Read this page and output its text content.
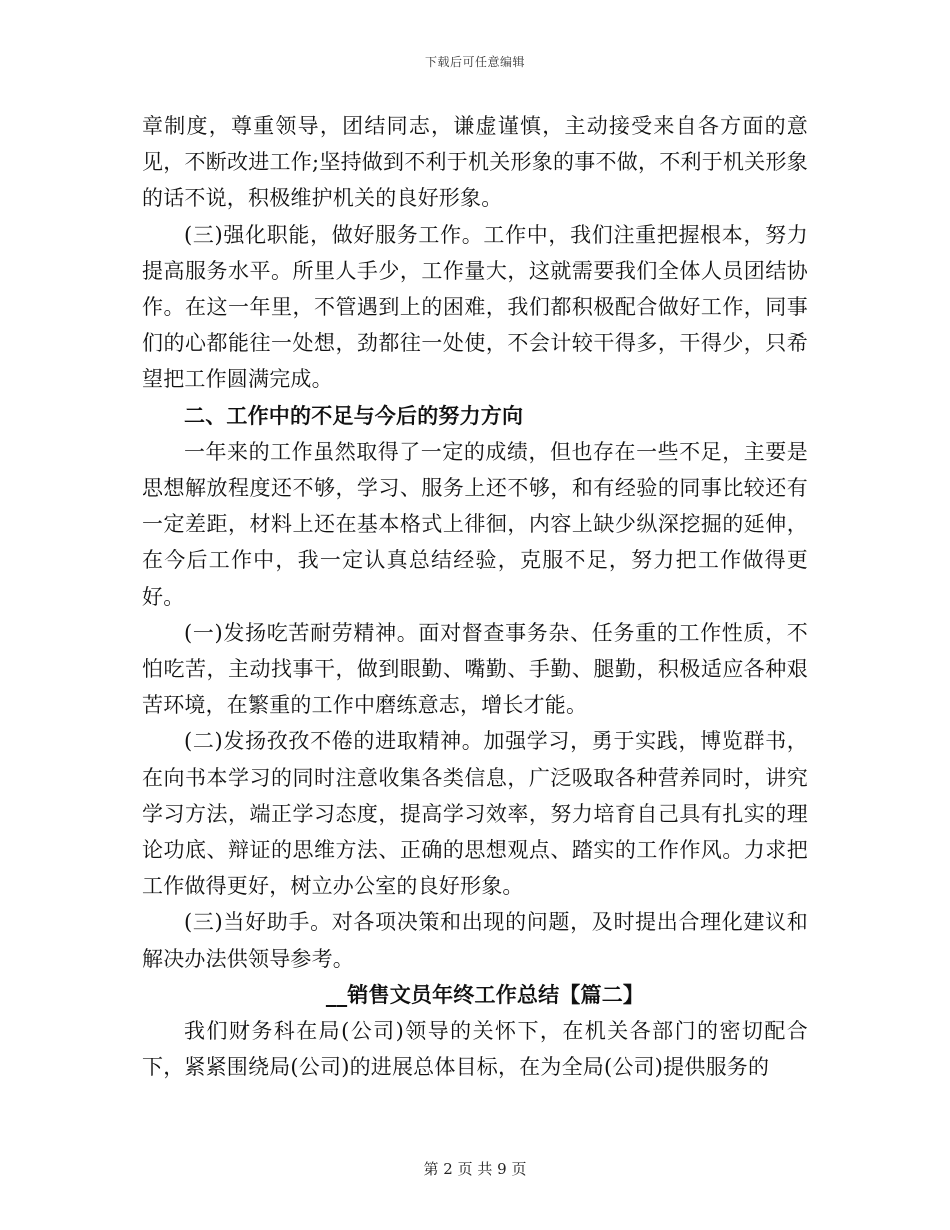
下载后可任意编辑

章制度，尊重领导，团结同志，谦虚谨慎，主动接受来自各方面的意见，不断改进工作;坚持做到不利于机关形象的事不做，不利于机关形象的话不说，积极维护机关的良好形象。

(三)强化职能，做好服务工作。工作中，我们注重把握根本，努力提高服务水平。所里人手少，工作量大，这就需要我们全体人员团结协作。在这一年里，不管遇到上的困难，我们都积极配合做好工作，同事们的心都能往一处想，劲都往一处使，不会计较干得多，干得少，只希望把工作圆满完成。

二、工作中的不足与今后的努力方向

一年来的工作虽然取得了一定的成绩，但也存在一些不足，主要是思想解放程度还不够，学习、服务上还不够，和有经验的同事比较还有一定差距，材料上还在基本格式上徘徊，内容上缺少纵深挖掘的延伸，在今后工作中，我一定认真总结经验，克服不足，努力把工作做得更好。

(一)发扬吃苦耐劳精神。面对督查事务杂、任务重的工作性质，不怕吃苦，主动找事干，做到眼勤、嘴勤、手勤、腿勤，积极适应各种艰苦环境，在繁重的工作中磨练意志，增长才能。

(二)发扬孜孜不倦的进取精神。加强学习，勇于实践，博览群书，在向书本学习的同时注意收集各类信息，广泛吸取各种营养同时，讲究学习方法，端正学习态度，提高学习效率，努力培育自己具有扎实的理论功底、辩证的思维方法、正确的思想观点、踏实的工作作风。力求把工作做得更好，树立办公室的良好形象。

(三)当好助手。对各项决策和出现的问题，及时提出合理化建议和解决办法供领导参考。

__销售文员年终工作总结【篇二】

我们财务科在局(公司)领导的关怀下，在机关各部门的密切配合下，紧紧围绕局(公司)的进展总体目标，在为全局(公司)提供服务的

第 2 页 共 9 页
